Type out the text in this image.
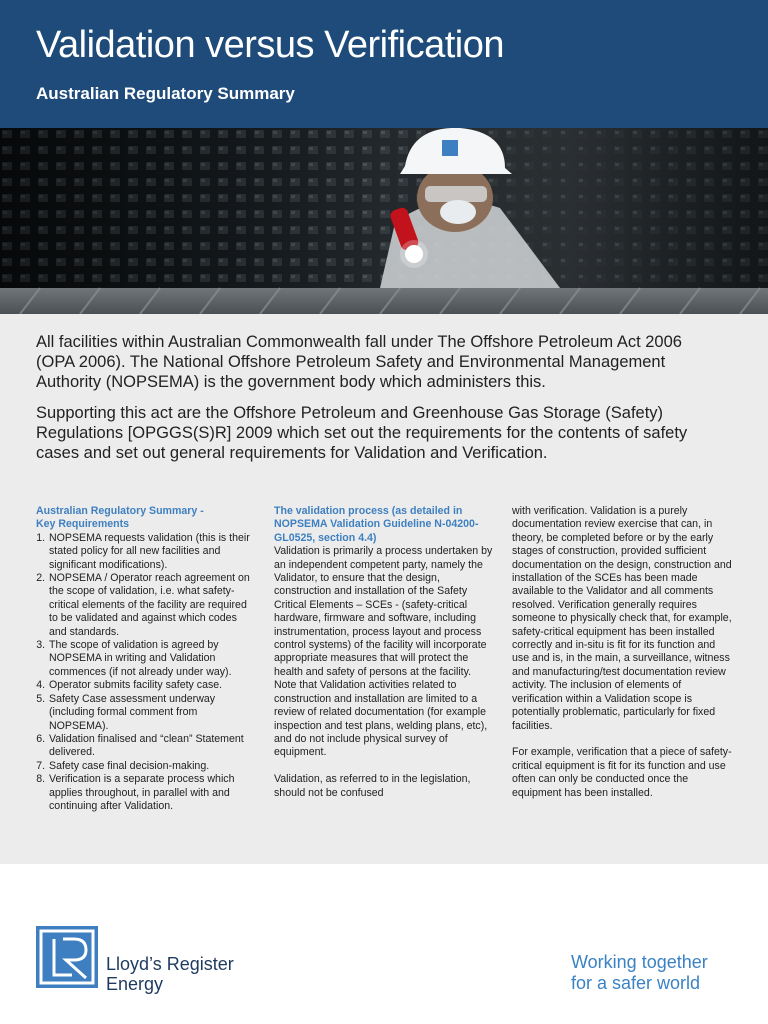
Validation versus Verification
Australian Regulatory Summary

All facilities within Australian Commonwealth fall under The Offshore Petroleum Act 2006 (OPA 2006). The National Offshore Petroleum Safety and Environmental Management Authority (NOPSEMA) is the government body which administers this.

Supporting this act are the Offshore Petroleum and Greenhouse Gas Storage (Safety) Regulations [OPGGS(S)R] 2009 which set out the requirements for the contents of safety cases and set out general requirements for Validation and Verification.

Australian Regulatory Summary -
Key Requirements

1. NOPSEMA requests validation (this is their stated policy for all new facilities and significant modifications).
2. NOPSEMA / Operator reach agreement on the scope of validation, i.e. what safety-critical elements of the facility are required to be validated and against which codes and standards.
3. The scope of validation is agreed by NOPSEMA in writing and Validation commences (if not already under way).
4. Operator submits facility safety case.
5. Safety Case assessment underway (including formal comment from NOPSEMA).
6. Validation finalised and “clean” Statement delivered.
7. Safety case final decision-making.
8. Verification is a separate process which applies throughout, in parallel with and continuing after Validation.

The validation process (as detailed in NOPSEMA Validation Guideline N-04200-GL0525, section 4.4)

Validation is primarily a process undertaken by an independent competent party, namely the Validator, to ensure that the design, construction and installation of the Safety Critical Elements – SCEs - (safety-critical hardware, firmware and software, including instrumentation, process layout and process control systems) of the facility will incorporate appropriate measures that will protect the health and safety of persons at the facility. Note that Validation activities related to construction and installation are limited to a review of related documentation (for example inspection and test plans, welding plans, etc), and do not include physical survey of equipment.

Validation, as referred to in the legislation, should not be confused

with verification. Validation is a purely documentation review exercise that can, in theory, be completed before or by the early stages of construction, provided sufficient documentation on the design, construction and installation of the SCEs has been made available to the Validator and all comments resolved. Verification generally requires someone to physically check that, for example, safety-critical equipment has been installed correctly and in-situ is fit for its function and use and is, in the main, a surveillance, witness and manufacturing/test documentation review activity. The inclusion of elements of verification within a Validation scope is potentially problematic, particularly for fixed facilities.

For example, verification that a piece of safety-critical equipment is fit for its function and use often can only be conducted once the equipment has been installed.

Lloyd’s Register
Energy
Working together
for a safer world
